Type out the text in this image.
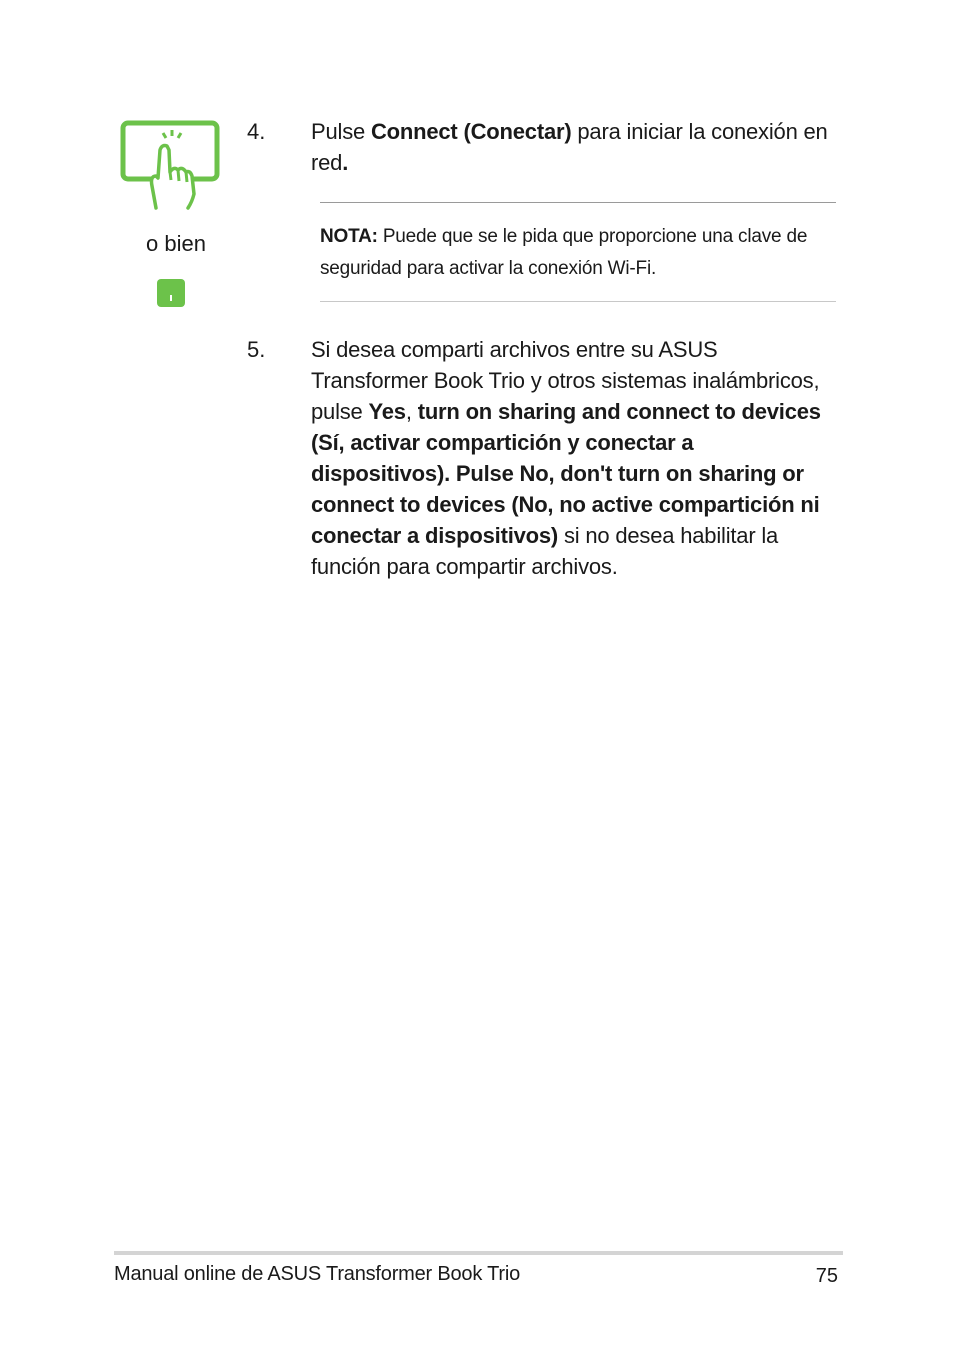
o bien
4. Pulse Connect (Conectar) para iniciar la conexión en red.
NOTA: Puede que se le pida que proporcione una clave de seguridad para activar la conexión Wi-Fi.
5. Si desea comparti archivos entre su ASUS Transformer Book Trio y otros sistemas inalámbricos, pulse Yes, turn on sharing and connect to devices (Sí, activar compartición y conectar a dispositivos). Pulse No, don't turn on sharing or connect to devices (No, no active compartición ni conectar a dispositivos) si no desea habilitar la función para compartir archivos.
Manual online de ASUS Transformer Book Trio	75
